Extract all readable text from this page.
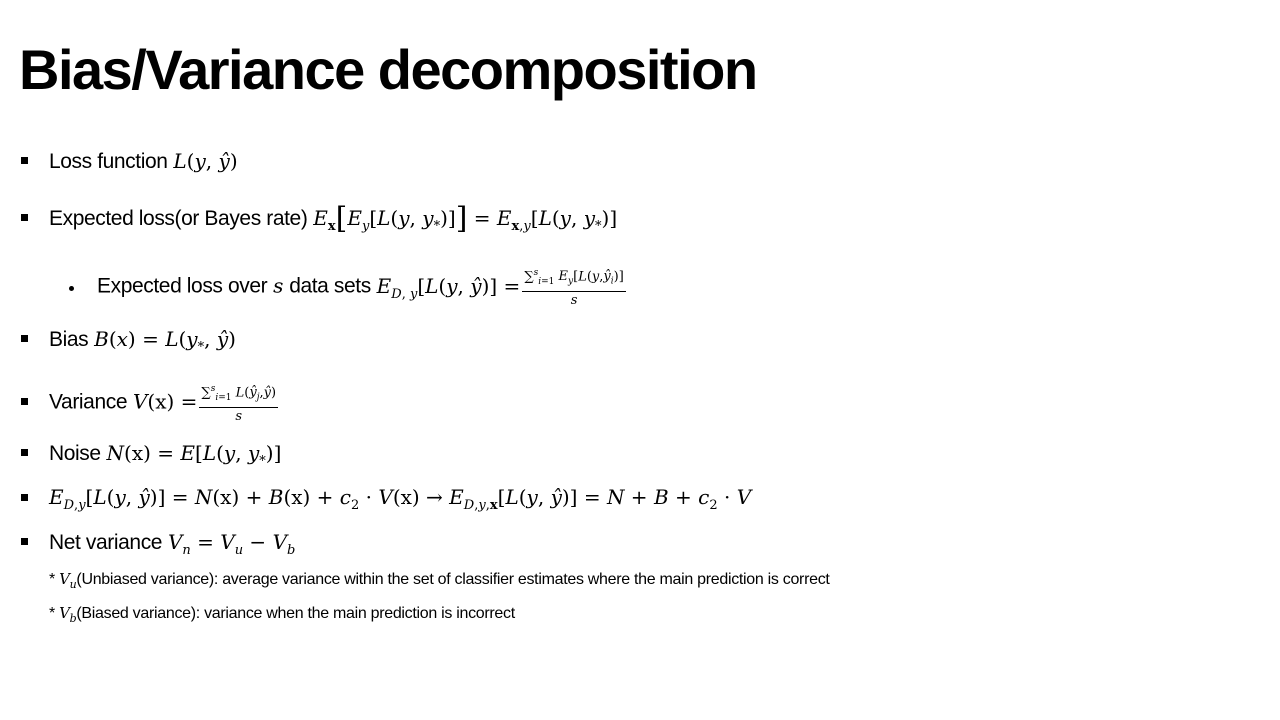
Bias/Variance decomposition
Loss function L(y, ŷ)
Expected loss(or Bayes rate) $E_x[E_y[L(y$, $y_*)]] = E_{x,y}[L(y$, $y_*$)]
Expected loss over s data sets $E_{D, y}[L(y$, ŷ)] = $\frac{\sum^s_{i=1} E_y[L(y,ŷ_i)]}{s}$
Bias $B(x) = L(y_*$, ŷ)
Variance $V(x) = \frac{\sum^s_{i=1} L(ŷ_j,ŷ)}{s}$
Noise N(x) = E[L(y, $y_*$)]
$E_{D,y}[L(y$, ŷ)] = $N(x) + B(x) + c_2 \cdot V(x) \to E_{D,y,x}[L(y$, ŷ)] = $N + B + c_2 \cdot V$
Net variance $V_n = V_u - V_b$
* $V_u(Unbiased$ variance): average variance within the set of classifier estimates where the main prediction is correct
* $V_b(Biased$ variance): variance when the main prediction is incorrect
